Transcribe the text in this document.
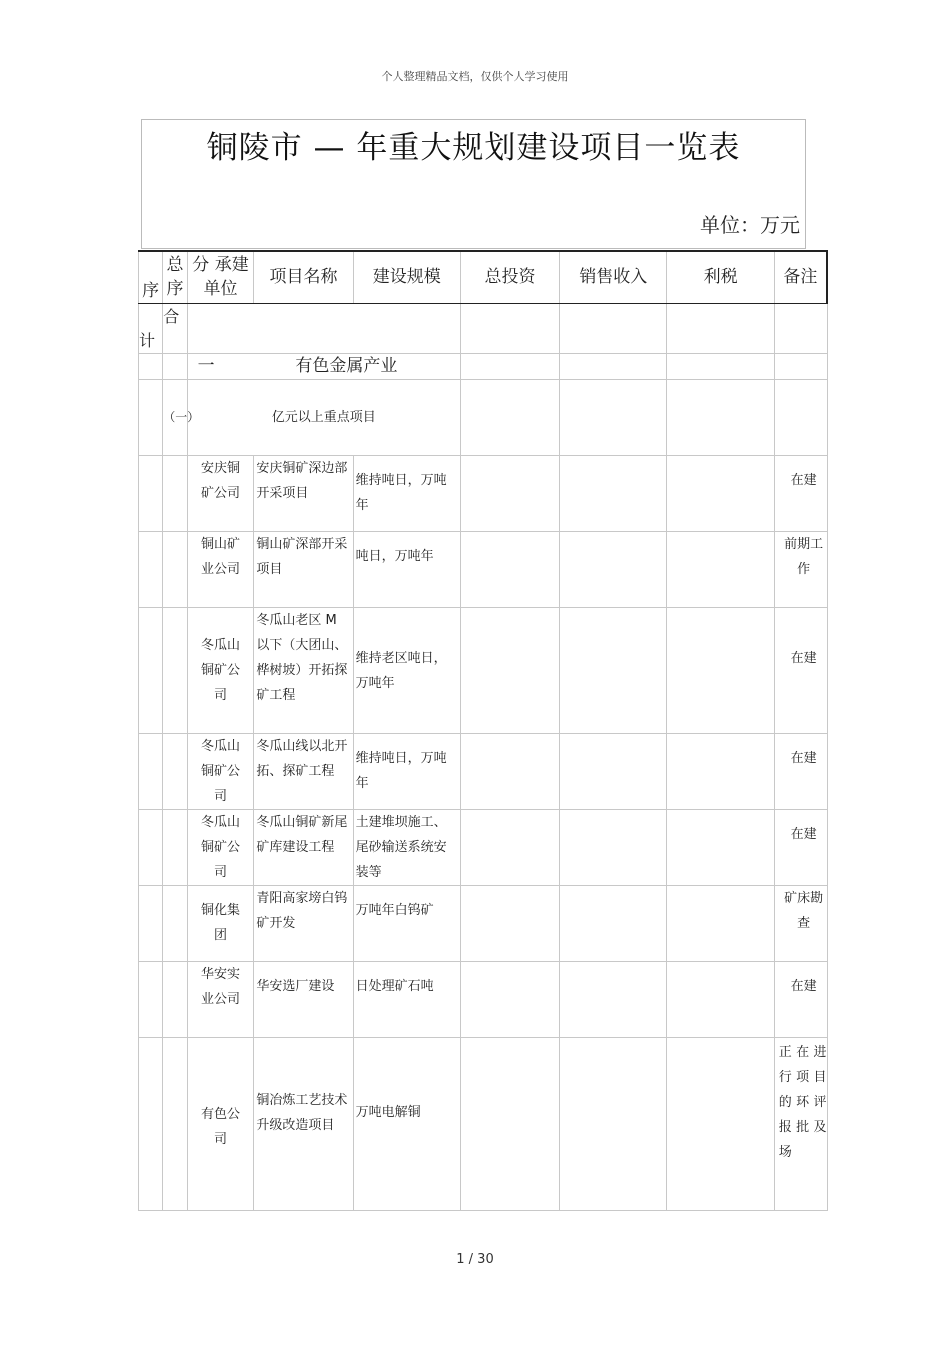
个人整理精品文档，仅供个人学习使用
铜陵市 — 年重大规划建设项目一览表
单位：万元
序	总序	分 承建单位	项目名称	建设规模	总投资	销售收入	利税	备注
计	合							
		一 有色金属产业						
	（一）	亿元以上重点项目						
		安庆铜矿公司	安庆铜矿深边部开采项目	维持吨日，万吨年				在建
		铜山矿业公司	铜山矿深部开采项目	吨日，万吨年				前期工作
		冬瓜山铜矿公司	冬瓜山老区 M以下（大团山、桦树坡）开拓探矿工程	维持老区吨日，万吨年				在建
		冬瓜山铜矿公司	冬瓜山线以北开拓、探矿工程	维持吨日，万吨年				在建
		冬瓜山铜矿公司	冬瓜山铜矿新尾矿库建设工程	土建堆坝施工、尾砂输送系统安装等				在建
		铜化集团	青阳高家塝白钨矿开发	万吨年白钨矿				矿床勘查
		华安实业公司	华安选厂建设	日处理矿石吨				在建
		有色公司	铜冶炼工艺技术升级改造项目	万吨电解铜				正在进行项目的环评报批及场
1 / 30
